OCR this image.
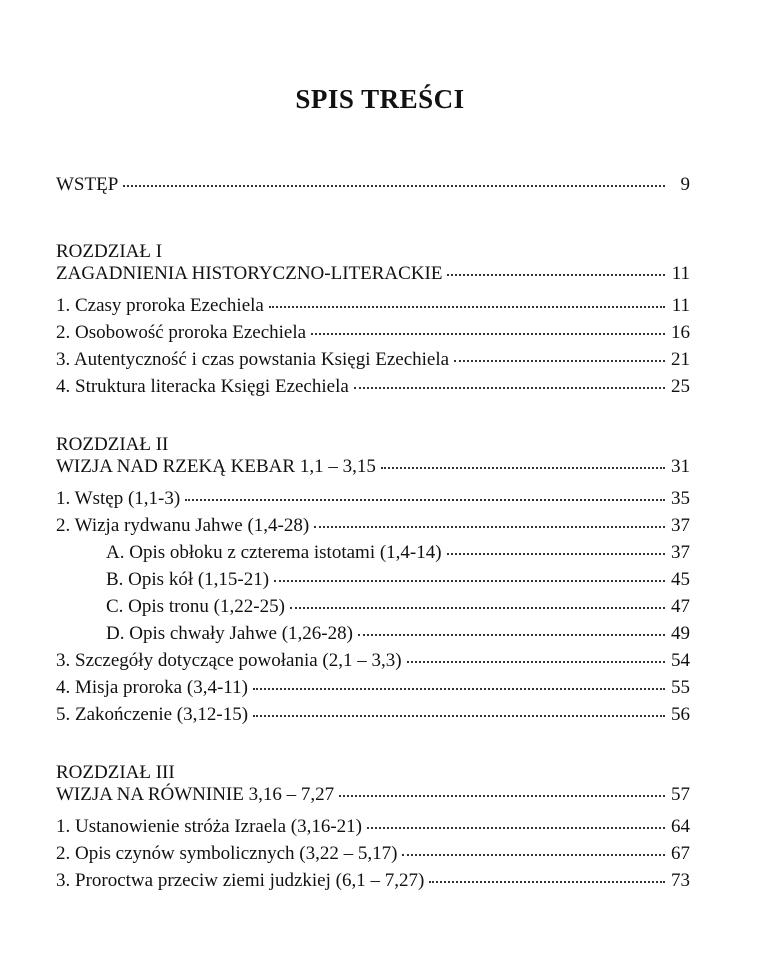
SPIS TREŚCI
WSTĘP	9
ROZDZIAŁ I
ZAGADNIENIA HISTORYCZNO-LITERACKIE	11
1. Czasy proroka Ezechiela	11
2. Osobowość proroka Ezechiela	16
3. Autentyczność i czas powstania Księgi Ezechiela	21
4. Struktura literacka Księgi Ezechiela	25
ROZDZIAŁ II
WIZJA NAD RZEKĄ KEBAR 1,1 – 3,15	31
1. Wstęp (1,1-3)	35
2. Wizja rydwanu Jahwe (1,4-28)	37
A. Opis obłoku z czterema istotami (1,4-14)	37
B. Opis kół (1,15-21)	45
C. Opis tronu (1,22-25)	47
D. Opis chwały Jahwe (1,26-28)	49
3. Szczegóły dotyczące powołania (2,1 – 3,3)	54
4. Misja proroka (3,4-11)	55
5. Zakończenie (3,12-15)	56
ROZDZIAŁ III
WIZJA NA RÓWNINIE 3,16 – 7,27	57
1. Ustanowienie stróża Izraela (3,16-21)	64
2. Opis czynów symbolicznych (3,22 – 5,17)	67
3. Proroctwa przeciw ziemi judzkiej (6,1 – 7,27)	73
